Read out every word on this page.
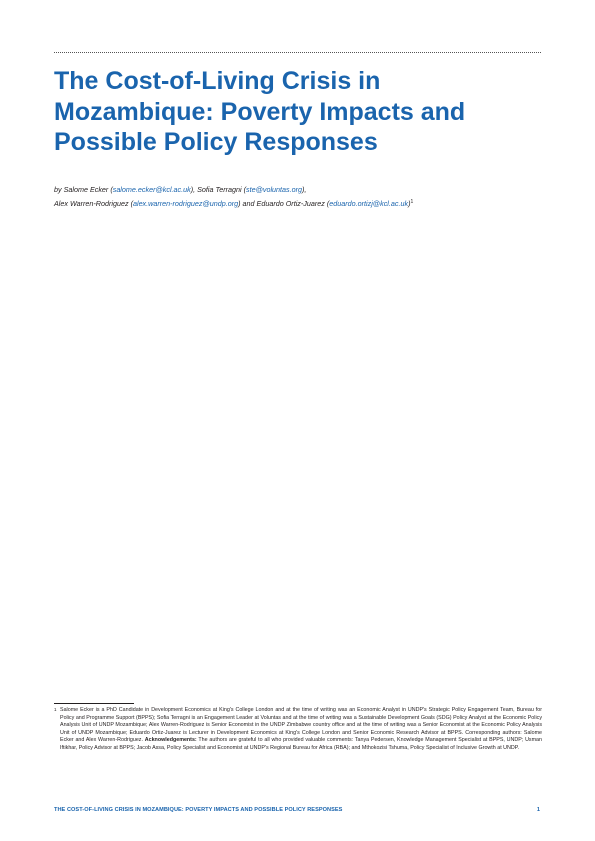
The Cost-of-Living Crisis in
Mozambique: Poverty Impacts and
Possible Policy Responses
by Salome Ecker (salome.ecker@kcl.ac.uk), Sofia Terragni (ste@voluntas.org),
Alex Warren-Rodriguez (alex.warren-rodriguez@undp.org) and Eduardo Ortiz-Juarez (eduardo.ortizj@kcl.ac.uk)$^1$
1 Salome Ecker is a PhD Candidate in Development Economics at King's College London and at the time of writing was an Economic Analyst in UNDP's Strategic Policy Engagement Team, Bureau for Policy and Programme Support (BPPS); Sofia Terragni is an Engagement Leader at Voluntas and at the time of writing was a Sustainable Development Goals (SDG) Policy Analyst at the Economic Policy Analysis Unit of UNDP Mozambique; Alex Warren-Rodriguez is Senior Economist in the UNDP Zimbabwe country office and at the time of writing was a Senior Economist at the Economic Policy Analysis Unit of UNDP Mozambique; Eduardo Ortiz-Juarez is Lecturer in Development Economics at King's College London and Senior Economic Research Advisor at BPPS. Corresponding authors: Salome Ecker and Alex Warren-Rodriguez. Acknowledgements: The authors are grateful to all who provided valuable comments: Tanya Pedersen, Knowledge Management Specialist at BPPS, UNDP; Usman Iftikhar, Policy Advisor at BPPS; Jacob Assa, Policy Specialist and Economist at UNDP's Regional Bureau for Africa (RBA); and Mthokozisi Tshuma, Policy Specialist of Inclusive Growth at UNDP.
THE COST-OF-LIVING CRISIS IN MOZAMBIQUE: POVERTY IMPACTS AND POSSIBLE POLICY RESPONSES	1
